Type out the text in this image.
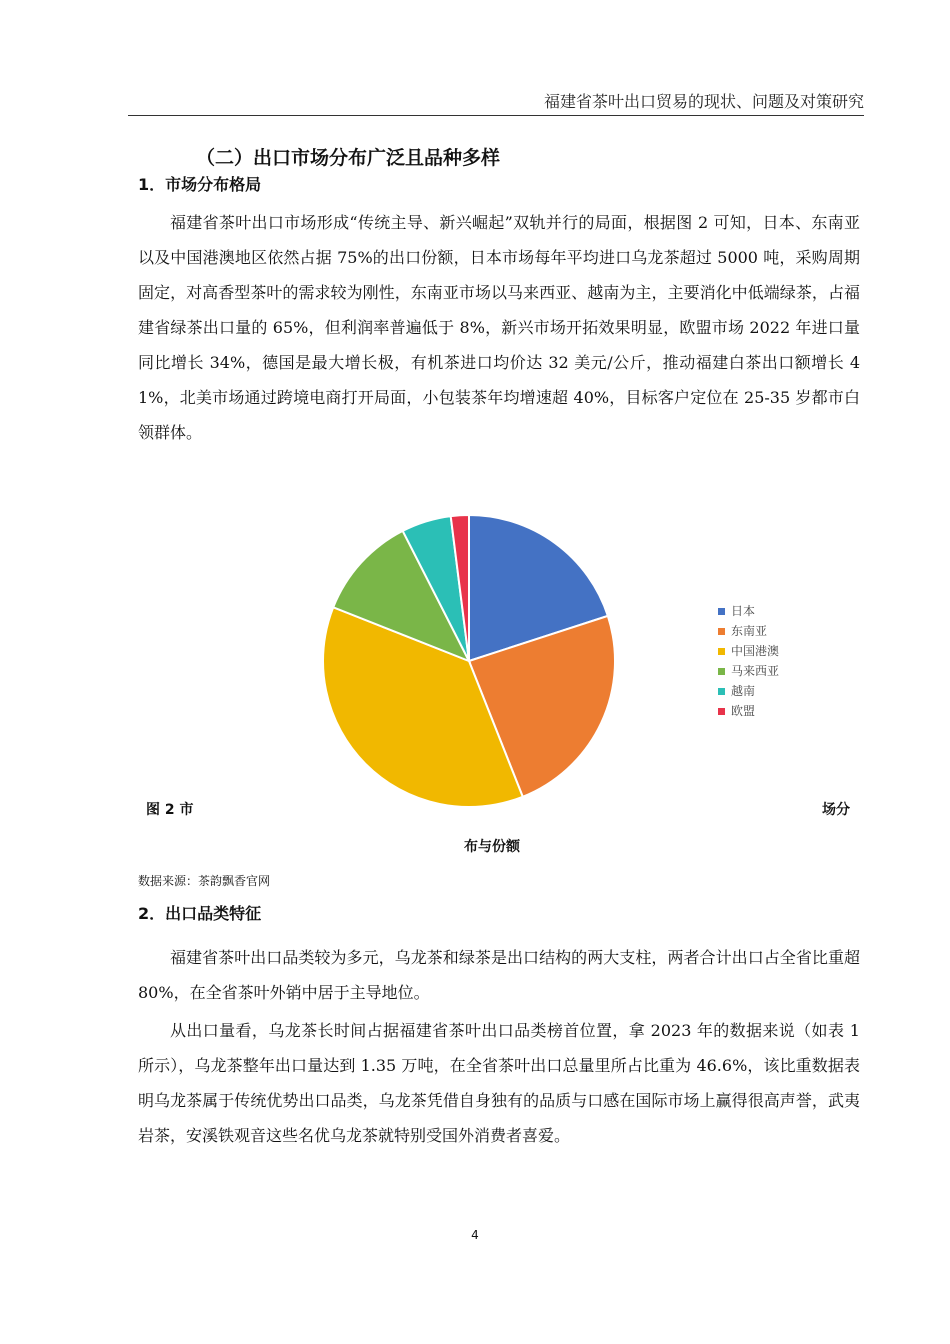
福建省茶叶出口贸易的现状、问题及对策研究
（二）出口市场分布广泛且品种多样
1．市场分布格局

福建省茶叶出口市场形成“传统主导、新兴崛起”双轨并行的局面，根据图 2 可知，日本、东南亚以及中国港澳地区依然占据 75%的出口份额，日本市场每年平均进口乌龙茶超过 5000 吨，采购周期固定，对高香型茶叶的需求较为刚性，东南亚市场以马来西亚、越南为主，主要消化中低端绿茶，占福建省绿茶出口量的 65%，但利润率普遍低于 8%，新兴市场开拓效果明显，欧盟市场 2022 年进口量同比增长 34%，德国是最大增长极，有机茶进口均价达 32 美元/公斤，推动福建白茶出口额增长 41%，北美市场通过跨境电商打开局面，小包装茶年均增速超 40%，目标客户定位在 25-35 岁都市白领群体。

日本
东南亚
中国港澳
马来西亚
越南
欧盟
图 2 市	场分
布与份额
数据来源：茶韵飘香官网
2．出口品类特征

福建省茶叶出口品类较为多元，乌龙茶和绿茶是出口结构的两大支柱，两者合计出口占全省比重超 80%，在全省茶叶外销中居于主导地位。

从出口量看，乌龙茶长时间占据福建省茶叶出口品类榜首位置，拿 2023 年的数据来说（如表 1 所示），乌龙茶整年出口量达到 1.35 万吨，在全省茶叶出口总量里所占比重为 46.6%，该比重数据表明乌龙茶属于传统优势出口品类，乌龙茶凭借自身独有的品质与口感在国际市场上赢得很高声誉，武夷岩茶，安溪铁观音这些名优乌龙茶就特别受国外消费者喜爱。

4
